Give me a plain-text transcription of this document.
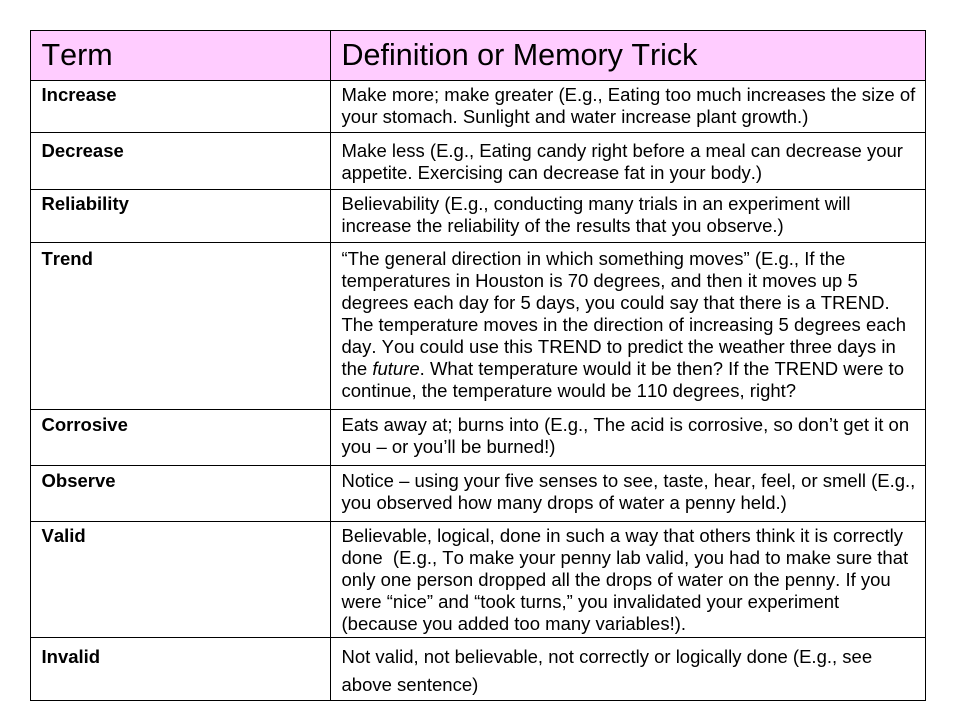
Term	Definition or Memory Trick
Increase	Make more; make greater (E.g., Eating too much increases the size of
your stomach. Sunlight and water increase plant growth.)
Decrease	Make less (E.g., Eating candy right before a meal can decrease your
appetite. Exercising can decrease fat in your body.)
Reliability	Believability (E.g., conducting many trials in an experiment will
increase the reliability of the results that you observe.)
Trend	“The general direction in which something moves” (E.g., If the
temperatures in Houston is 70 degrees, and then it moves up 5
degrees each day for 5 days, you could say that there is a TREND.
The temperature moves in the direction of increasing 5 degrees each
day. You could use this TREND to predict the weather three days in
the future. What temperature would it be then? If the TREND were to
continue, the temperature would be 110 degrees, right?
Corrosive	Eats away at; burns into (E.g., The acid is corrosive, so don’t get it on
you – or you’ll be burned!)
Observe	Notice – using your five senses to see, taste, hear, feel, or smell (E.g.,
you observed how many drops of water a penny held.)
Valid	Believable, logical, done in such a way that others think it is correctly
done  (E.g., To make your penny lab valid, you had to make sure that
only one person dropped all the drops of water on the penny. If you
were “nice” and “took turns,” you invalidated your experiment
(because you added too many variables!).
Invalid	Not valid, not believable, not correctly or logically done (E.g., see
above sentence)
